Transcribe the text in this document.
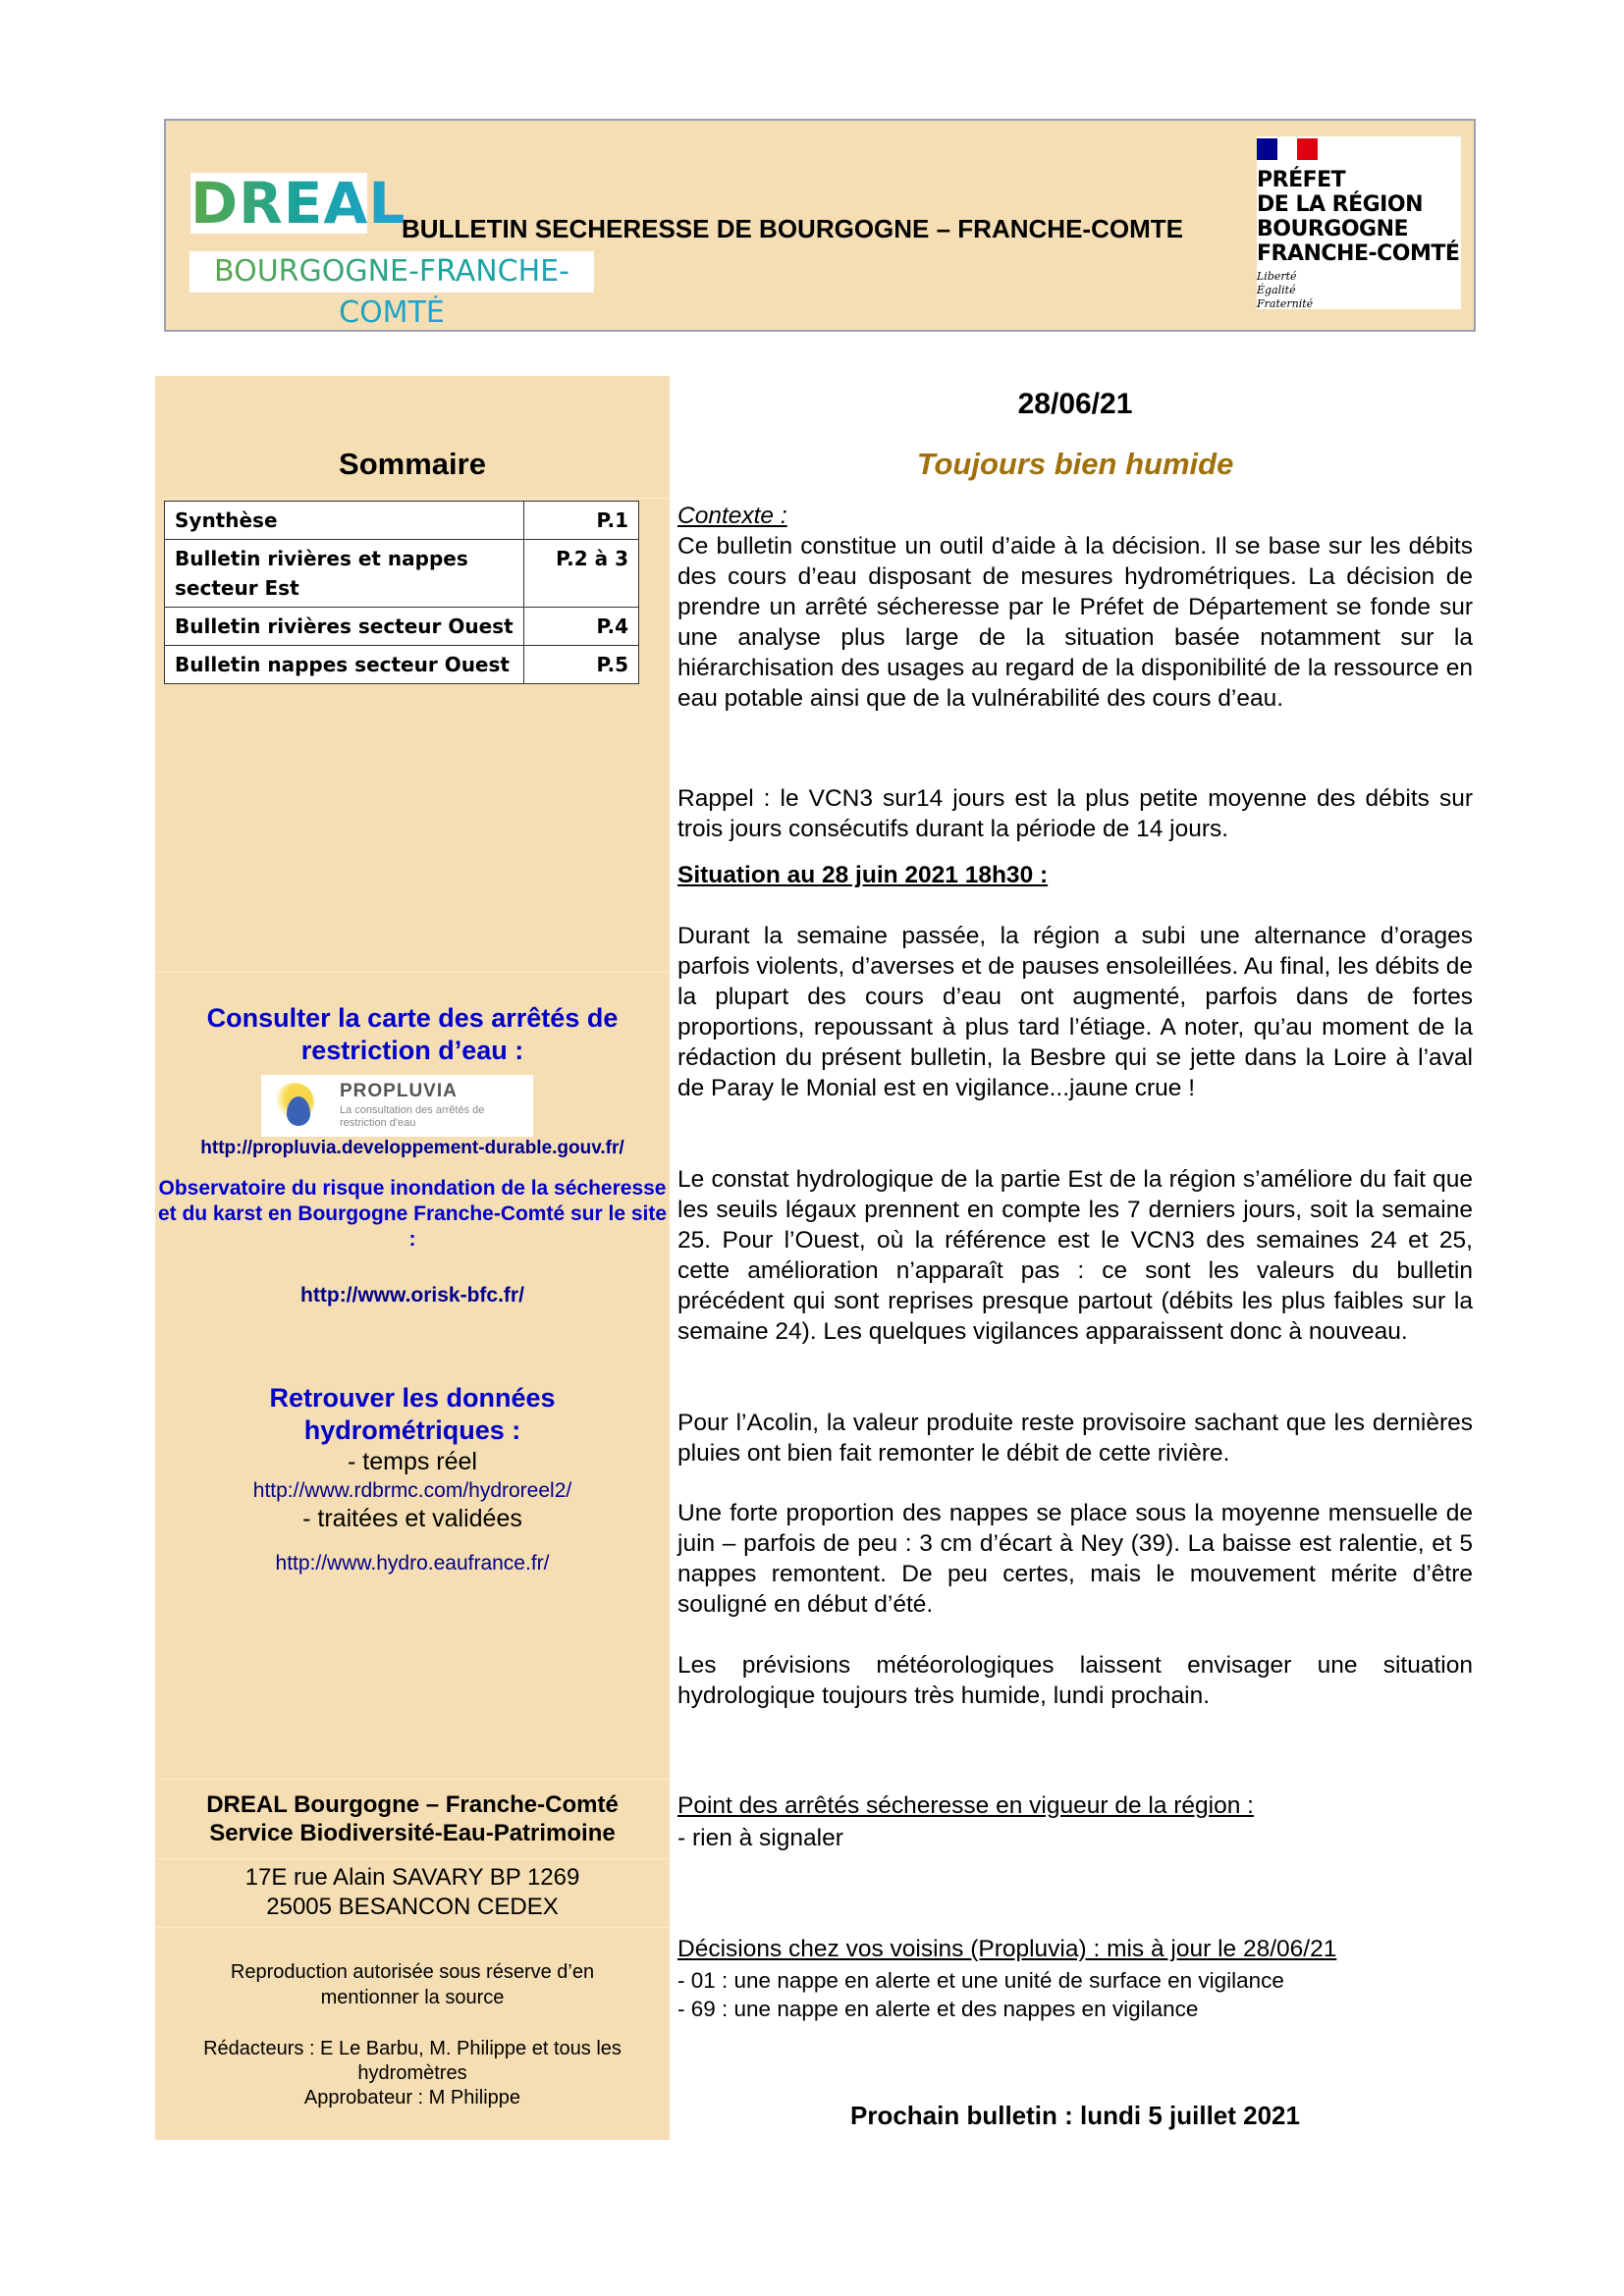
DREAL
BOURGOGNE-FRANCHE-COMTÉ
BULLETIN SECHERESSE DE BOURGOGNE – FRANCHE-COMTE
PRÉFET
DE LA RÉGION
BOURGOGNE
FRANCHE-COMTÉ
Liberté
Égalité
Fraternité
Sommaire
Synthèse	P.1
Bulletin rivières et nappes secteur Est	P.2 à 3
Bulletin rivières secteur Ouest	P.4
Bulletin nappes secteur Ouest	P.5
Consulter la carte des arrêtés de restriction d’eau :
PROPLUVIA
La consultation des arrêtés de restriction d'eau
http://propluvia.developpement-durable.gouv.fr/
Observatoire du risque inondation de la sécheresse et du karst en Bourgogne Franche-Comté sur le site :
http://www.orisk-bfc.fr/
Retrouver les données hydrométriques :
- temps réel
http://www.rdbrmc.com/hydroreel2/
- traitées et validées
http://www.hydro.eaufrance.fr/
DREAL Bourgogne – Franche-Comté
Service Biodiversité-Eau-Patrimoine
17E rue Alain SAVARY BP 1269
25005 BESANCON CEDEX
Reproduction autorisée sous réserve d’en mentionner la source
Rédacteurs : E Le Barbu, M. Philippe et tous les hydromètres
Approbateur : M Philippe
28/06/21
Toujours bien humide
Contexte :
Ce bulletin constitue un outil d’aide à la décision. Il se base sur les débits des cours d’eau disposant de mesures hydrométriques. La décision de prendre un arrêté sécheresse par le Préfet de Département se fonde sur une analyse plus large de la situation basée notamment sur la hiérarchisation des usages au regard de la disponibilité de la ressource en eau potable ainsi que de la vulnérabilité des cours d’eau.
Rappel : le VCN3 sur14 jours est la plus petite moyenne des débits sur trois jours consécutifs durant la période de 14 jours.
Situation au 28 juin 2021 18h30 :
Durant la semaine passée, la région a subi une alternance d’orages parfois violents, d’averses et de pauses ensoleillées. Au final, les débits de la plupart des cours d’eau ont augmenté, parfois dans de fortes proportions, repoussant à plus tard l’étiage. A noter, qu’au moment de la rédaction du présent bulletin, la Besbre qui se jette dans la Loire à l’aval de Paray le Monial est en vigilance...jaune crue !
Le constat hydrologique de la partie Est de la région s’améliore du fait que les seuils légaux prennent en compte les 7 derniers jours, soit la semaine 25. Pour l’Ouest, où la référence est le VCN3 des semaines 24 et 25, cette amélioration n’apparaît pas : ce sont les valeurs du bulletin précédent qui sont reprises presque partout (débits les plus faibles sur la semaine 24). Les quelques vigilances apparaissent donc à nouveau.
Pour l’Acolin, la valeur produite reste provisoire sachant que les dernières pluies ont bien fait remonter le débit de cette rivière.
Une forte proportion des nappes se place sous la moyenne mensuelle de juin – parfois de peu : 3 cm d’écart à Ney (39). La baisse est ralentie, et 5 nappes remontent. De peu certes, mais le mouvement mérite d’être souligné en début d’été.
Les prévisions météorologiques laissent envisager une situation hydrologique toujours très humide, lundi prochain.
Point des arrêtés sécheresse en vigueur de la région :
- rien à signaler
Décisions chez vos voisins (Propluvia) : mis à jour le 28/06/21
- 01 : une nappe en alerte et une unité de surface en vigilance
- 69 : une nappe en alerte et des nappes en vigilance
Prochain bulletin : lundi 5 juillet 2021
